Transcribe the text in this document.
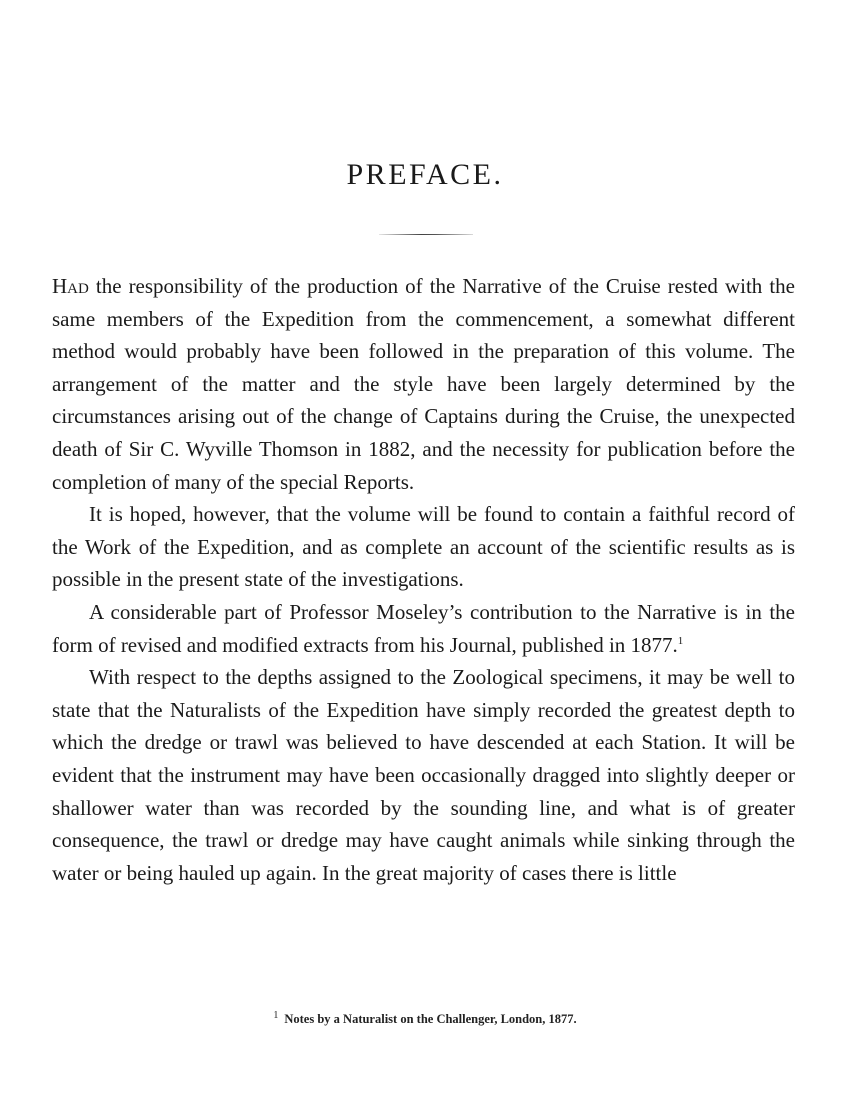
PREFACE.

Had the responsibility of the production of the Narrative of the Cruise rested with the same members of the Expedition from the commencement, a somewhat different method would probably have been followed in the preparation of this volume. The arrangement of the matter and the style have been largely determined by the circumstances arising out of the change of Captains during the Cruise, the unexpected death of Sir C. Wyville Thomson in 1882, and the necessity for publication before the completion of many of the special Reports.

It is hoped, however, that the volume will be found to contain a faithful record of the Work of the Expedition, and as complete an account of the scientific results as is possible in the present state of the investigations.

A considerable part of Professor Moseley’s contribution to the Narrative is in the form of revised and modified extracts from his Journal, published in 1877.$^1$

With respect to the depths assigned to the Zoological specimens, it may be well to state that the Naturalists of the Expedition have simply recorded the greatest depth to which the dredge or trawl was believed to have descended at each Station. It will be evident that the instrument may have been occasionally dragged into slightly deeper or shallower water than was recorded by the sounding line, and what is of greater consequence, the trawl or dredge may have caught animals while sinking through the water or being hauled up again. In the great majority of cases there is little

$^1$ Notes by a Naturalist on the Challenger, London, 1877.
